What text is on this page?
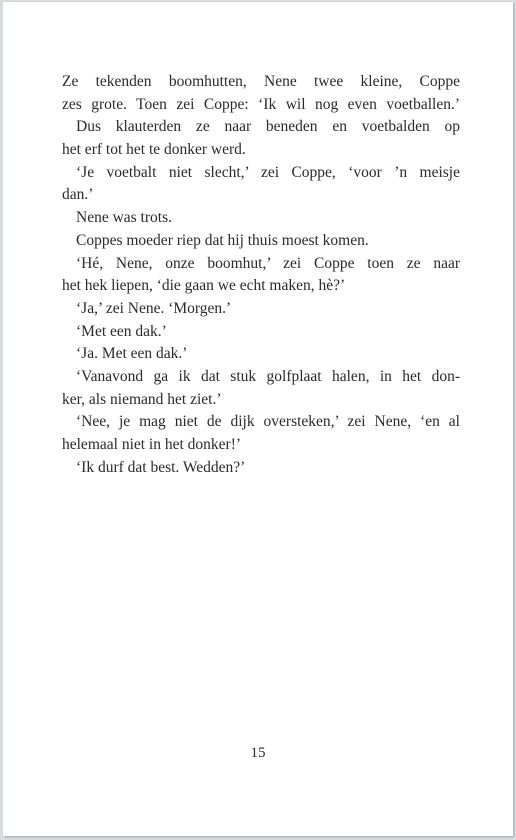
Ze tekenden boomhutten, Nene twee kleine, Coppe
zes grote. Toen zei Coppe: ‘Ik wil nog even voetballen.’
Dus klauterden ze naar beneden en voetbalden op
het erf tot het te donker werd.
‘Je voetbalt niet slecht,’ zei Coppe, ‘voor ’n meisje
dan.’
Nene was trots.
Coppes moeder riep dat hij thuis moest komen.
‘Hé, Nene, onze boomhut,’ zei Coppe toen ze naar
het hek liepen, ‘die gaan we echt maken, hè?’
‘Ja,’ zei Nene. ‘Morgen.’
‘Met een dak.’
‘Ja. Met een dak.’
‘Vanavond ga ik dat stuk golfplaat halen, in het don-
ker, als niemand het ziet.’
‘Nee, je mag niet de dijk oversteken,’ zei Nene, ‘en al
helemaal niet in het donker!’
‘Ik durf dat best. Wedden?’
15
